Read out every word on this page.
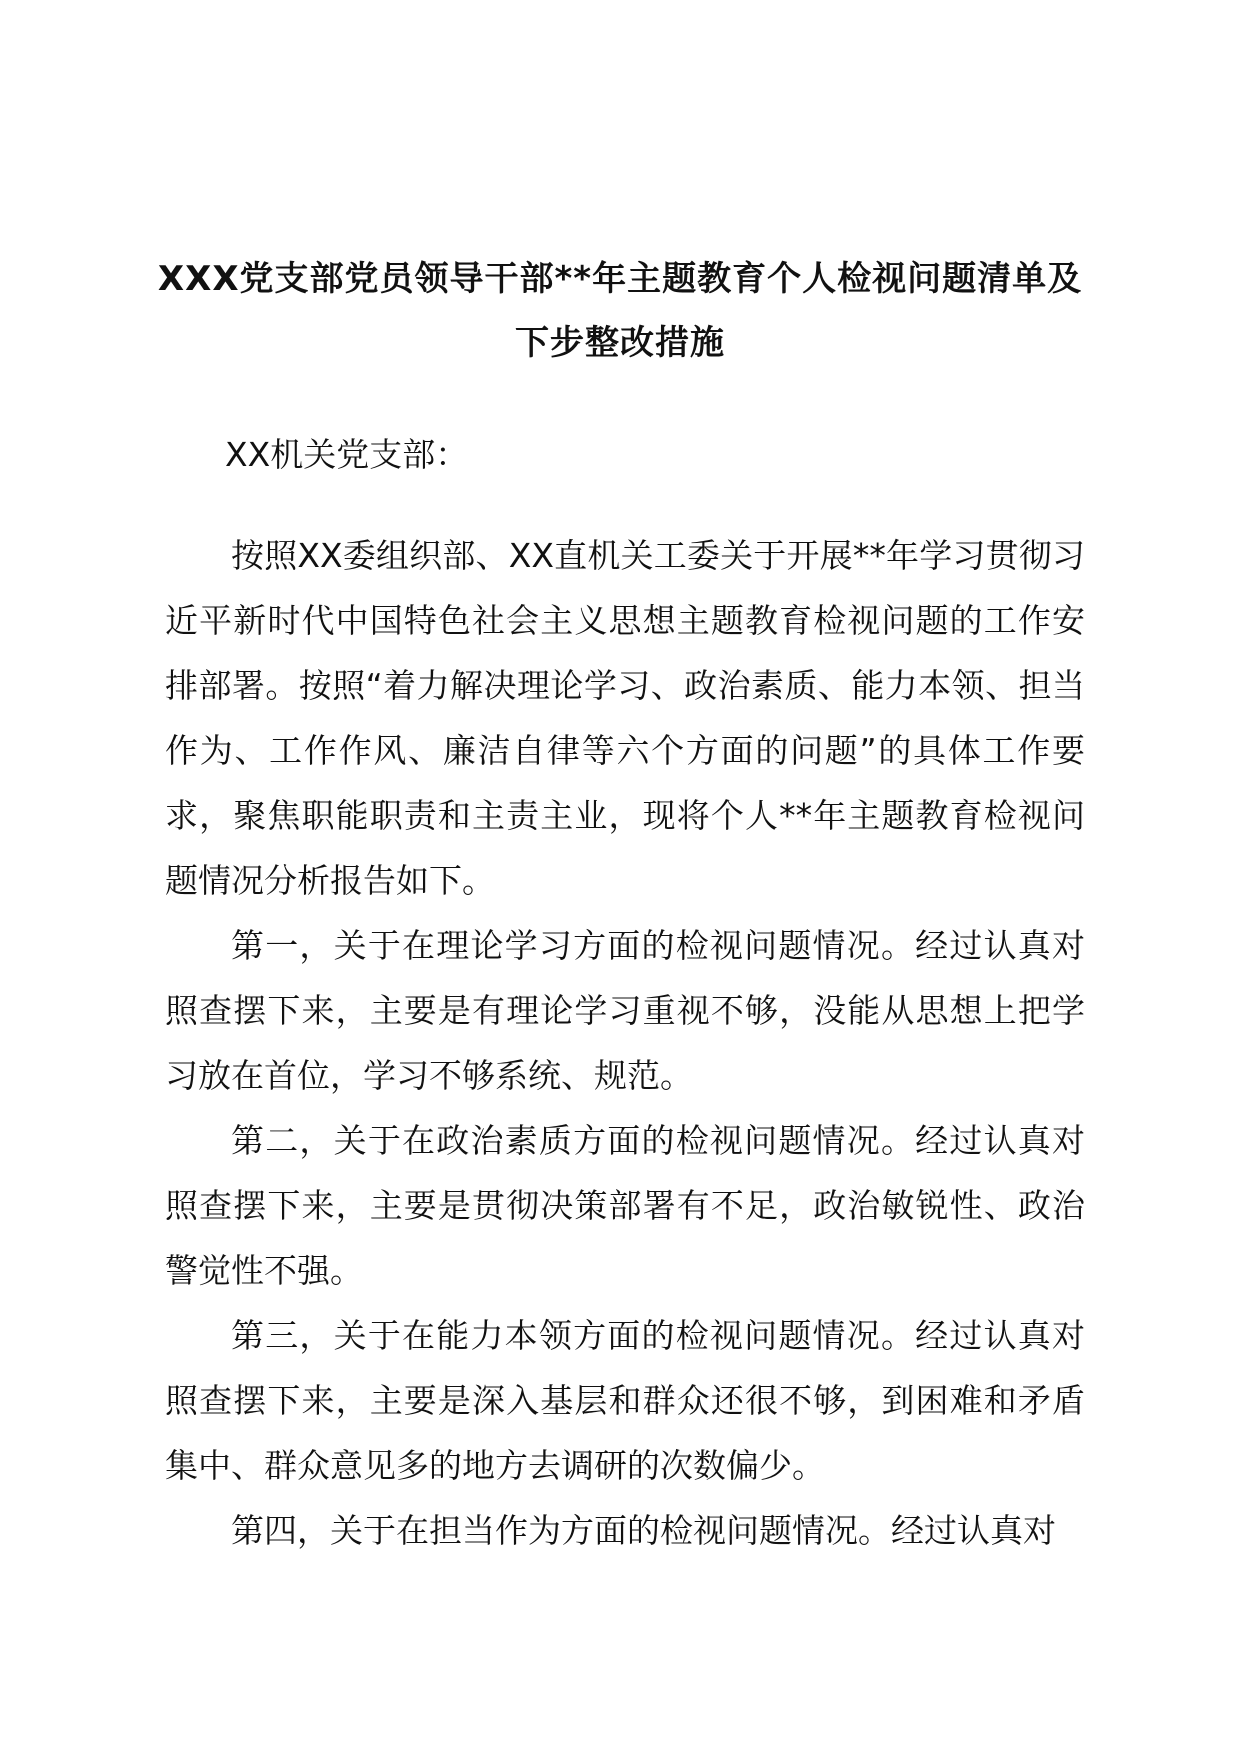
XXX党支部党员领导干部**年主题教育个人检视问题清单及下步整改措施
XX机关党支部：

按照XX委组织部、XX直机关工委关于开展**年学习贯彻习近平新时代中国特色社会主义思想主题教育检视问题的工作安排部署。按照“着力解决理论学习、政治素质、能力本领、担当作为、工作作风、廉洁自律等六个方面的问题”的具体工作要求，聚焦职能职责和主责主业，现将个人**年主题教育检视问题情况分析报告如下。

第一，关于在理论学习方面的检视问题情况。经过认真对照查摆下来，主要是有理论学习重视不够，没能从思想上把学习放在首位，学习不够系统、规范。

第二，关于在政治素质方面的检视问题情况。经过认真对照查摆下来，主要是贯彻决策部署有不足，政治敏锐性、政治警觉性不强。

第三，关于在能力本领方面的检视问题情况。经过认真对照查摆下来，主要是深入基层和群众还很不够，到困难和矛盾集中、群众意见多的地方去调研的次数偏少。

第四，关于在担当作为方面的检视问题情况。经过认真对
